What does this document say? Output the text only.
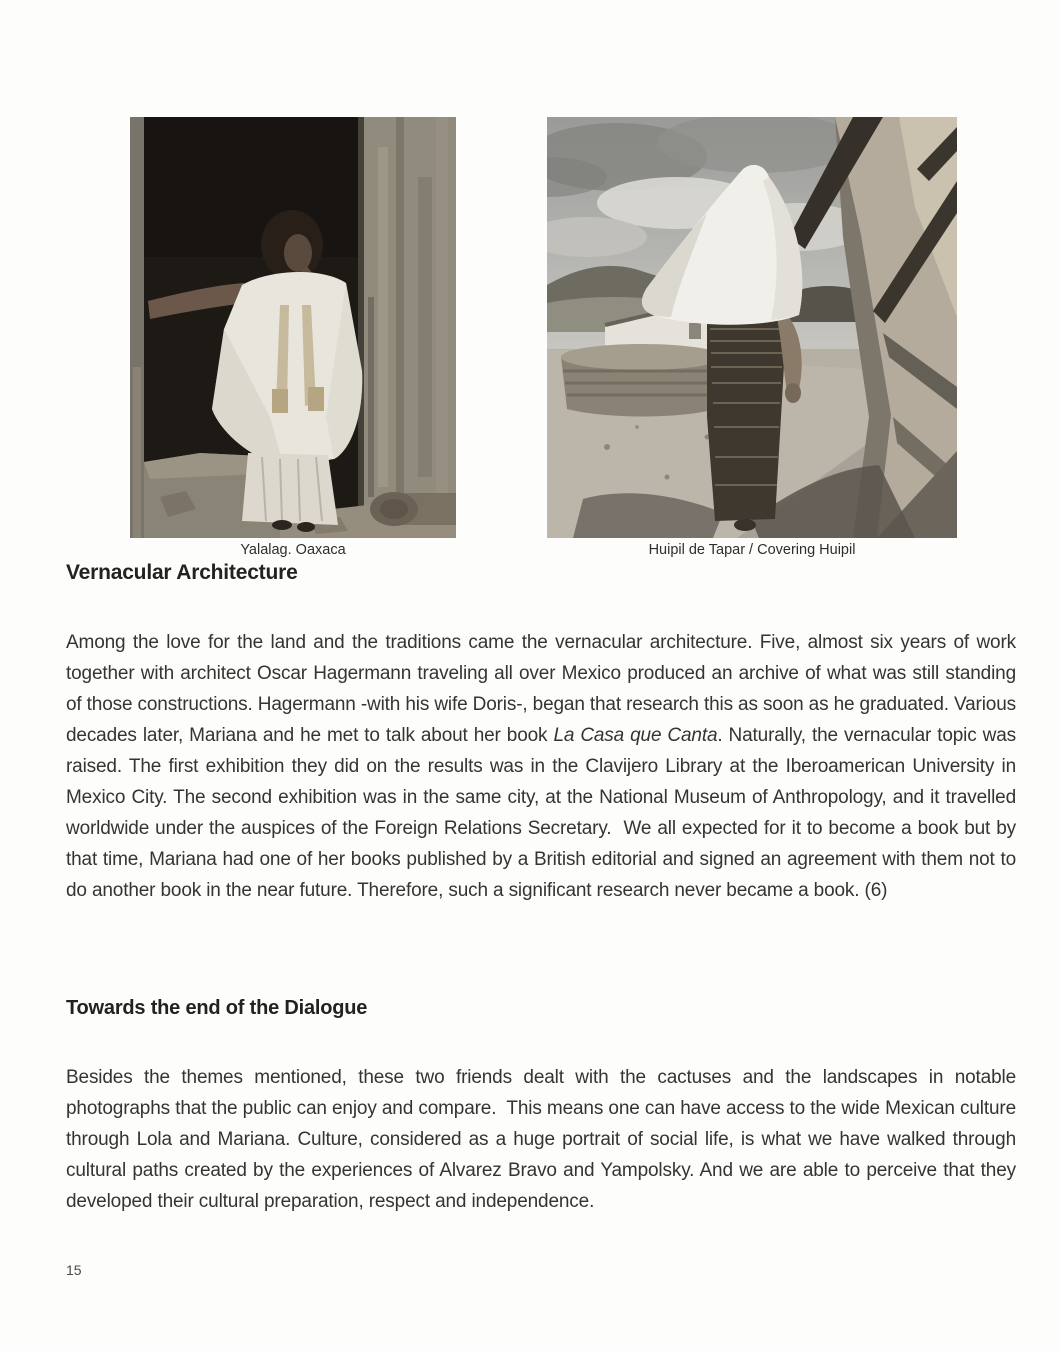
Yalalag. Oaxaca	Huipil de Tapar / Covering Huipil
Vernacular Architecture

Among the love for the land and the traditions came the vernacular architecture. Five, almost six years of work together with architect Oscar Hagermann traveling all over Mexico produced an archive of what was still standing of those constructions. Hagermann -with his wife Doris-, began that research this as soon as he graduated. Various decades later, Mariana and he met to talk about her book La Casa que Canta. Naturally, the vernacular topic was raised. The first exhibition they did on the results was in the Clavijero Library at the Iberoamerican University in Mexico City. The second exhibition was in the same city, at the National Museum of Anthropology, and it travelled worldwide under the auspices of the Foreign Relations Secretary.  We all expected for it to become a book but by that time, Mariana had one of her books published by a British editorial and signed an agreement with them not to do another book in the near future. Therefore, such a significant research never became a book. (6)

Towards the end of the Dialogue

Besides the themes mentioned, these two friends dealt with the cactuses and the landscapes in notable photographs that the public can enjoy and compare.  This means one can have access to the wide Mexican culture through Lola and Mariana. Culture, considered as a huge portrait of social life, is what we have walked through cultural paths created by the experiences of Alvarez Bravo and Yampolsky. And we are able to perceive that they developed their cultural preparation, respect and independence.

15
